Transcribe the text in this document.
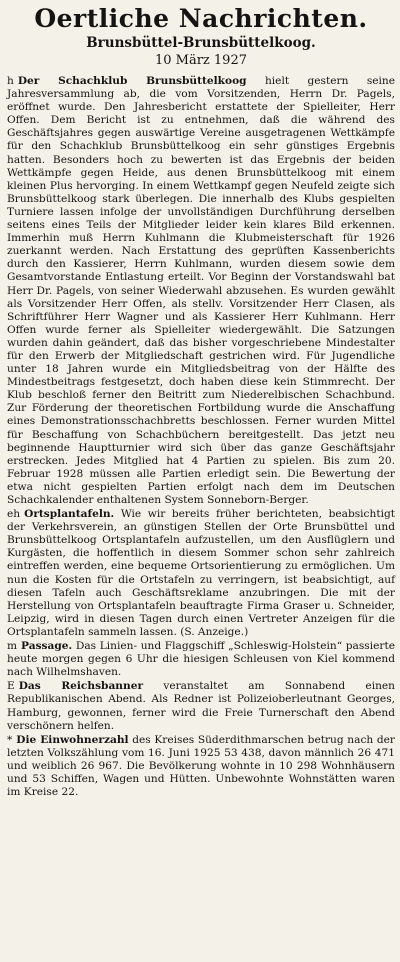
Oertliche Nachrichten.
Brunsbüttel-Brunsbüttelkoog.
10 März 1927

h Der Schachklub Brunsbüttelkoog hielt gestern seine Jahresversammlung ab, die vom Vorsitzenden, Herrn Dr. Pagels, eröffnet wurde. Den Jahresbericht erstattete der Spielleiter, Herr Offen. Dem Bericht ist zu entnehmen, daß die während des Geschäftsjahres gegen auswärtige Vereine ausgetragenen Wettkämpfe für den Schachklub Brunsbüttelkoog ein sehr günstiges Ergebnis hatten. Besonders hoch zu bewerten ist das Ergebnis der beiden Wettkämpfe gegen Heide, aus denen Brunsbüttelkoog mit einem kleinen Plus hervorging. In einem Wettkampf gegen Neufeld zeigte sich Brunsbüttelkoog stark überlegen. Die innerhalb des Klubs gespielten Turniere lassen infolge der unvollständigen Durchführung derselben seitens eines Teils der Mitglieder leider kein klares Bild erkennen. Immerhin muß Herrn Kuhlmann die Klubmeisterschaft für 1926 zuerkannt werden. Nach Erstattung des geprüften Kassenberichts durch den Kassierer, Herrn Kuhlmann, wurden diesem sowie dem Gesamtvorstande Entlastung erteilt. Vor Beginn der Vorstandswahl bat Herr Dr. Pagels, von seiner Wiederwahl abzusehen. Es wurden gewählt als Vorsitzender Herr Offen, als stellv. Vorsitzender Herr Clasen, als Schriftführer Herr Wagner und als Kassierer Herr Kuhlmann. Herr Offen wurde ferner als Spielleiter wiedergewählt. Die Satzungen wurden dahin geändert, daß das bisher vorgeschriebene Mindestalter für den Erwerb der Mitgliedschaft gestrichen wird. Für Jugendliche unter 18 Jahren wurde ein Mitgliedsbeitrag von der Hälfte des Mindestbeitrags festgesetzt, doch haben diese kein Stimmrecht. Der Klub beschloß ferner den Beitritt zum Niederelbischen Schachbund. Zur Förderung der theoretischen Fortbildung wurde die Anschaffung eines Demonstrationsschachbretts beschlossen. Ferner wurden Mittel für Beschaffung von Schachbüchern bereitgestellt. Das jetzt neu beginnende Hauptturnier wird sich über das ganze Geschäftsjahr erstrecken. Jedes Mitglied hat 4 Partien zu spielen. Bis zum 20. Februar 1928 müssen alle Partien erledigt sein. Die Bewertung der etwa nicht gespielten Partien erfolgt nach dem im Deutschen Schachkalender enthaltenen System Sonneborn-Berger.

eh Ortsplantafeln. Wie wir bereits früher berichteten, beabsichtigt der Verkehrsverein, an günstigen Stellen der Orte Brunsbüttel und Brunsbüttelkoog Ortsplantafeln aufzustellen, um den Ausflüglern und Kurgästen, die hoffentlich in diesem Sommer schon sehr zahlreich eintreffen werden, eine bequeme Ortsorientierung zu ermöglichen. Um nun die Kosten für die Ortstafeln zu verringern, ist beabsichtigt, auf diesen Tafeln auch Geschäftsreklame anzubringen. Die mit der Herstellung von Ortsplantafeln beauftragte Firma Graser u. Schneider, Leipzig, wird in diesen Tagen durch einen Vertreter Anzeigen für die Ortsplantafeln sammeln lassen. (S. Anzeige.)

m Passage. Das Linien- und Flaggschiff „Schleswig-Holstein“ passierte heute morgen gegen 6 Uhr die hiesigen Schleusen von Kiel kommend nach Wilhelmshaven.

E Das Reichsbanner veranstaltet am Sonnabend einen Republikanischen Abend. Als Redner ist Polizeioberleutnant Georges, Hamburg, gewonnen, ferner wird die Freie Turnerschaft den Abend verschönern helfen.

* Die Einwohnerzahl des Kreises Süderdithmarschen betrug nach der letzten Volkszählung vom 16. Juni 1925 53 438, davon männlich 26 471 und weiblich 26 967. Die Bevölkerung wohnte in 10 298 Wohnhäusern und 53 Schiffen, Wagen und Hütten. Unbewohnte Wohnstätten waren im Kreise 22.
